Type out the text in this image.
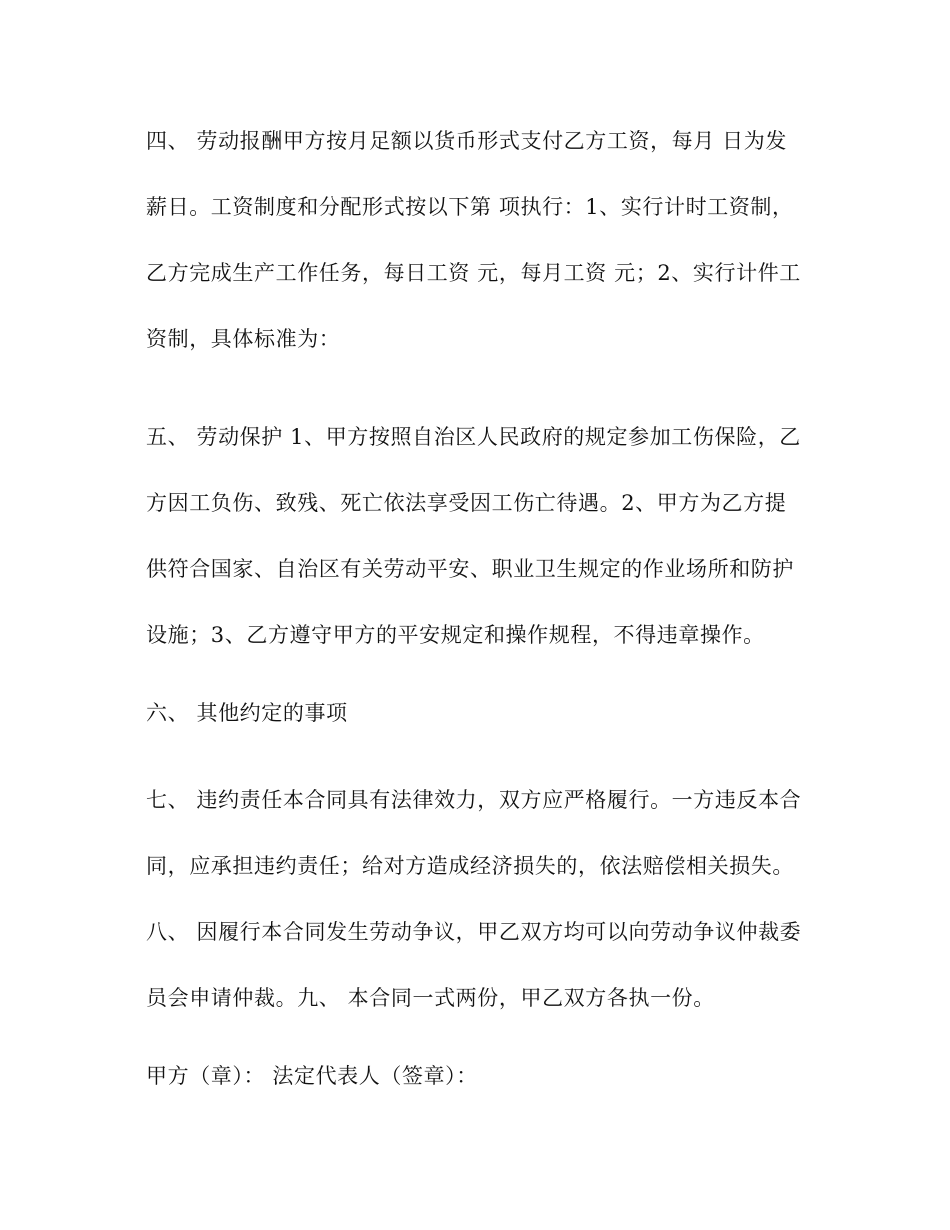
四、 劳动报酬甲方按月足额以货币形式支付乙方工资，每月 日为发
薪日。工资制度和分配形式按以下第 项执行：1、实行计时工资制，
乙方完成生产工作任务，每日工资 元，每月工资 元；2、实行计件工
资制，具体标准为：
五、 劳动保护 1、甲方按照自治区人民政府的规定参加工伤保险，乙
方因工负伤、致残、死亡依法享受因工伤亡待遇。2、甲方为乙方提
供符合国家、自治区有关劳动平安、职业卫生规定的作业场所和防护
设施；3、乙方遵守甲方的平安规定和操作规程，不得违章操作。
六、 其他约定的事项
七、 违约责任本合同具有法律效力，双方应严格履行。一方违反本合
同，应承担违约责任；给对方造成经济损失的，依法赔偿相关损失。
八、 因履行本合同发生劳动争议，甲乙双方均可以向劳动争议仲裁委
员会申请仲裁。九、 本合同一式两份，甲乙双方各执一份。
甲方（章）： 法定代表人（签章）：
